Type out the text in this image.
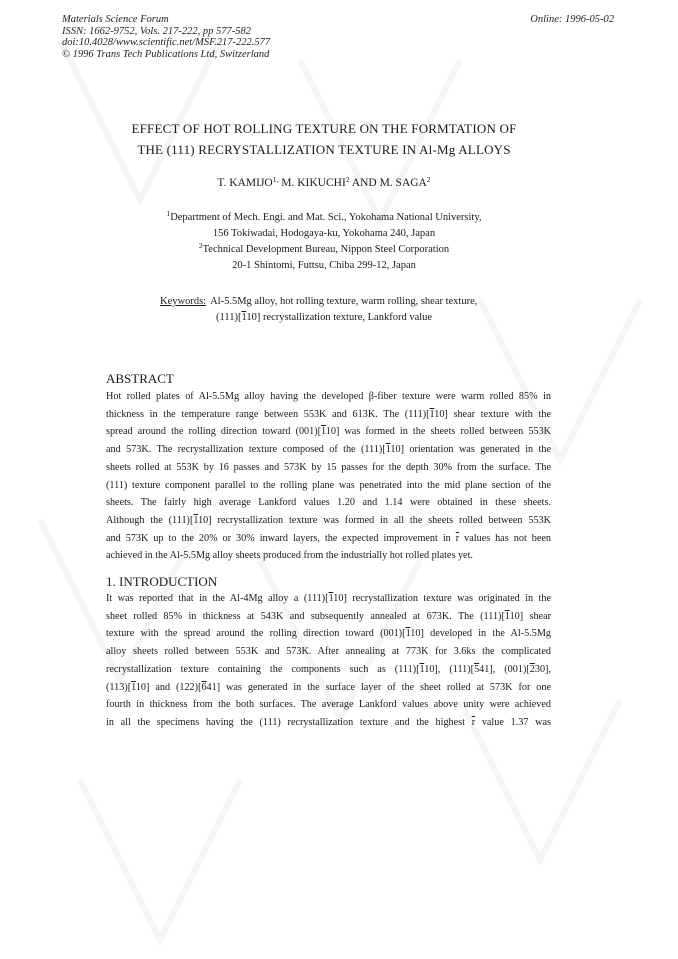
Materials Science Forum
ISSN: 1662-9752, Vols. 217-222, pp 577-582
doi:10.4028/www.scientific.net/MSF.217-222.577
© 1996 Trans Tech Publications Ltd, Switzerland
Online: 1996-05-02
EFFECT OF HOT ROLLING TEXTURE ON THE FORMTATION OF
THE (111) RECRYSTALLIZATION TEXTURE IN Al-Mg ALLOYS
T. $KAMIJO^{1,}$ M. KIKUCHI$^2$ AND M. SAGA$^2$
$^1$Department of Mech. Engi. and Mat. Sci., Yokohama National University,
156 Tokiwadai, Hodogaya-ku, Yokohama 240, Japan
$^2$Technical Development Bureau, Nippon Steel Corporation
20-1 Shintomi, Futtsu, Chiba 299-12, Japan
Keywords: Al-5.5Mg alloy, hot rolling texture, warm rolling, shear texture,
(111)[110] recrystallization texture, Lankford value
ABSTRACT
Hot rolled plates of Al-5.5Mg alloy having the developed β-fiber texture were warm rolled 85% in
thickness in the temperature range between 553K and 613K. The (111)[110] shear texture with the
spread around the rolling direction toward (001)[110] was formed in the sheets rolled between 553K
and 573K. The recrystallization texture composed of the (111)[110] orientation was generated in the
sheets rolled at 553K by 16 passes and 573K by 15 passes for the depth 30% from the surface. The
(111) texture component parallel to the rolling plane was penetrated into the mid plane section of the
sheets. The fairly high average Lankford values 1.20 and 1.14 were obtained in these sheets.
Although the (111)[110] recrystallization texture was formed in all the sheets rolled between 553K
and 573K up to the 20% or 30% inward layers, the expected improvement in $\overline{r}$ values has not been
achieved in the Al-5.5Mg alloy sheets produced from the industrially hot rolled plates yet.
1. INTRODUCTION
It was reported that in the Al-4Mg alloy a (111)[110] recrystallization texture was originated in the
sheet rolled 85% in thickness at 543K and subsequently annealed at 673K. The (111)[110] shear
texture with the spread around the rolling direction toward (001)[110] developed in the Al-5.5Mg
alloy sheets rolled between 553K and 573K. After annealing at 773K for 3.6ks the complicated
recrystallization texture containing the components such as (111)[110], (111)[541], (001)[230],
(113)[110] and (122)[641] was generated in the surface layer of the sheet rolled at 573K for one
fourth in thickness from the both surfaces. The average Lankford values above unity were achieved
in all the specimens having the (111) recrystallization texture and the highest $\overline{r}$ value 1.37 was
